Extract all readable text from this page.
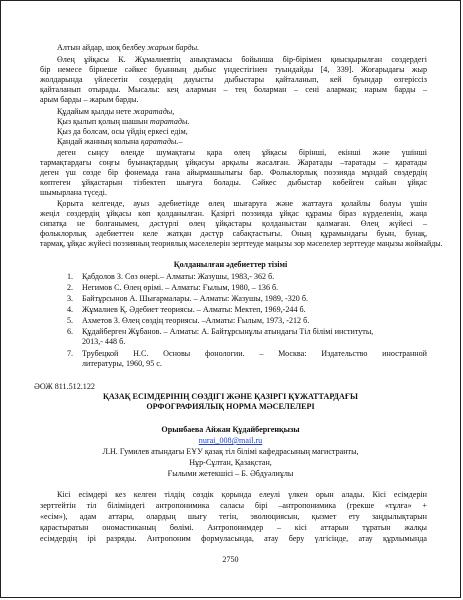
Алтын айдар, шоқ белбеу жарым барды.
Өлең ұйқасы К. Жұмалиевтің анықтамасы бойынша бір-бірімен қиысқырылған сөздердегі
бір немесе бірнеше сәйкес буынның дыбыс үндестігінен туындайды [4, 339]. Жоғарыдағы жыр
жолдарында үйлесетін сөздердің дауысты дыбыстары қайталанып, кей буындар өзгеріссіз
қайталанып отырады. Мысалы: кең алармын – тең боларман – сені аларман; нарым барды –
арым барды – жарым барды.
Құдайым қылды нете жаратады,
Қыз қылып қолың шашын таратады.
Қыз да болсам, осы үйдің еркесі едім,
Қандай жанның колына қаратады.–
деген сыңсу өлеңде шумақтағы қара өлең ұйқасы бірінші, екінші және үшінші
тармақтардағы соңғы буынақтардың ұйқасуы арқылы жасалған. Жаратады –таратады – қаратады
деген үш сөзде бір фонемада ғана айырмашылығы бар. Фольклорлық поэзияда мұндай сөздердің
көптеген ұйқастарын тізбектеп шығуға болады. Сәйкес дыбыстар көбейген сайын ұйқас
шымырлана түседі.
Қорыта келгенде, ауыз әдебиетінде өлең шығаруға және жаттауға қолайлы болуы үшін
жеңіл сөздердің ұйқасы көп қолданылған. Қазіргі поэзияда ұйқас құрамы біраз күрделенін, жаңа
сипатқа не болғанымен, дәстүрлі өлең ұйқастары қолданыстан қалмаған. Өлең жүйесі –
фольклорлық әдебиеттен келе жатқан дәстүр сабақтастығы. Оның құрамындағы буын, бунақ,
тармақ, ұйқас жүйесі поэзияның теориялық мәселелерін зерттеуде маңызы зор мәселелер зерттеуде маңызы жоймайды.
Қолданылған әдебиеттер тізімі
1. Қабдолов З. Сөз өнері.– Алматы: Жазушы, 1983,- 362 б.
2. Негимов С. Өлең өрімі. – Алматы: Ғылым, 1980, – 136 б.
3. Байтұрсынов А. Шығармалары. – Алматы: Жазушы, 1989, -320 б.
4. Жұмалиев Қ. Әдебиет теориясы. – Алматы: Мектеп, 1969,-244 б.
5. Ахметов З. Өлең сөздің теориясы. –Алматы: Ғылым, 1973, -212 б.
6. Құдайберген Жұбанов. – Алматы: А. Байтұрсынұлы атындағы Тіл білімі институты,
2013,- 448 б.
7. Трубецкой Н.С. Основы фонологии. – Москва: Издательство иностранной
литературы, 1960, 95 с.
ӘОЖ 811.512.122
ҚАЗАҚ ЕСІМДЕРІНІҢ СӨЗДІГІ ЖӘНЕ ҚАЗІРГІ ҚҰЖАТТАРДАҒЫ
ОРФОГРАФИЯЛЫҚ НОРМА МӘСЕЛЕЛЕРІ
Орынбаева Айжан Құдайбергенқызы
nurai_008@mail.ru
Л.Н. Гумилев атындағы ЕҰУ қазақ тіл білімі кафедрасының магистранты,
Нұр-Сұлтан, Қазақстан,
Ғылыми жетекшісі – Б. Әбдуәлиұлы
Кісі есімдері кез келген тілдің сөздік қорында елеулі үлкен орын алады. Кісі есімдерін
зерттейтін тіл біліміндегі антропонимика саласы бірі –антропонимика (грекше «тұлға» +
«есім»), адам аттары, олардың шығу тегін, эволюциясын, қызмет ету заңдылықтарын
қарастыратын ономастиканың бөлімі. Антропонимдер – кісі аттарын тұратын жалқы
есімдердің ірі разряды. Антропоним формуласында, атау беру үлгісінде, атау құрлымында
2750
